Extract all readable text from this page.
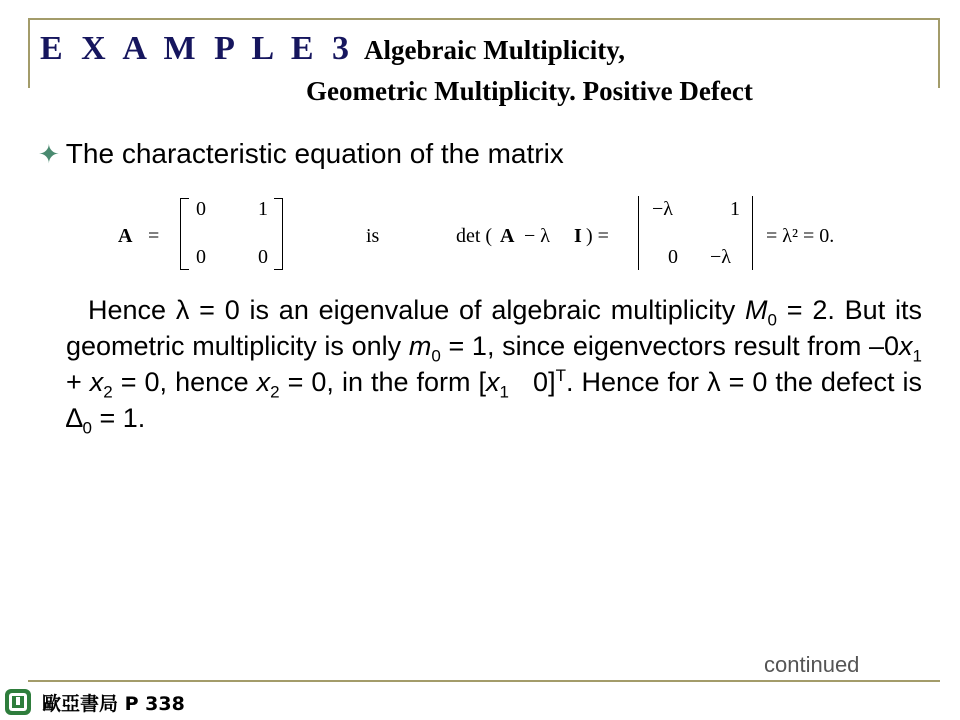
E X A M P L E 3 Algebraic Multiplicity,
Geometric Multiplicity. Positive Defect
✦ The characteristic equation of the matrix
A =
0	1
0	0
is	det ( A − λ I ) =
−λ	1
0 −λ
= λ² = 0.
Hence λ = 0 is an eigenvalue of algebraic multiplicity $M_0 = 2$. But its geometric multiplicity is only $m_0 = 1$, since eigenvectors result from $-0x_1 + x_2 = 0$, hence $x_2 = 0$, in the form [$x_1$   0]$^T$. Hence for λ = 0 the defect is $\Delta_0 = 1$.
continued
歐亞書局 P 338
